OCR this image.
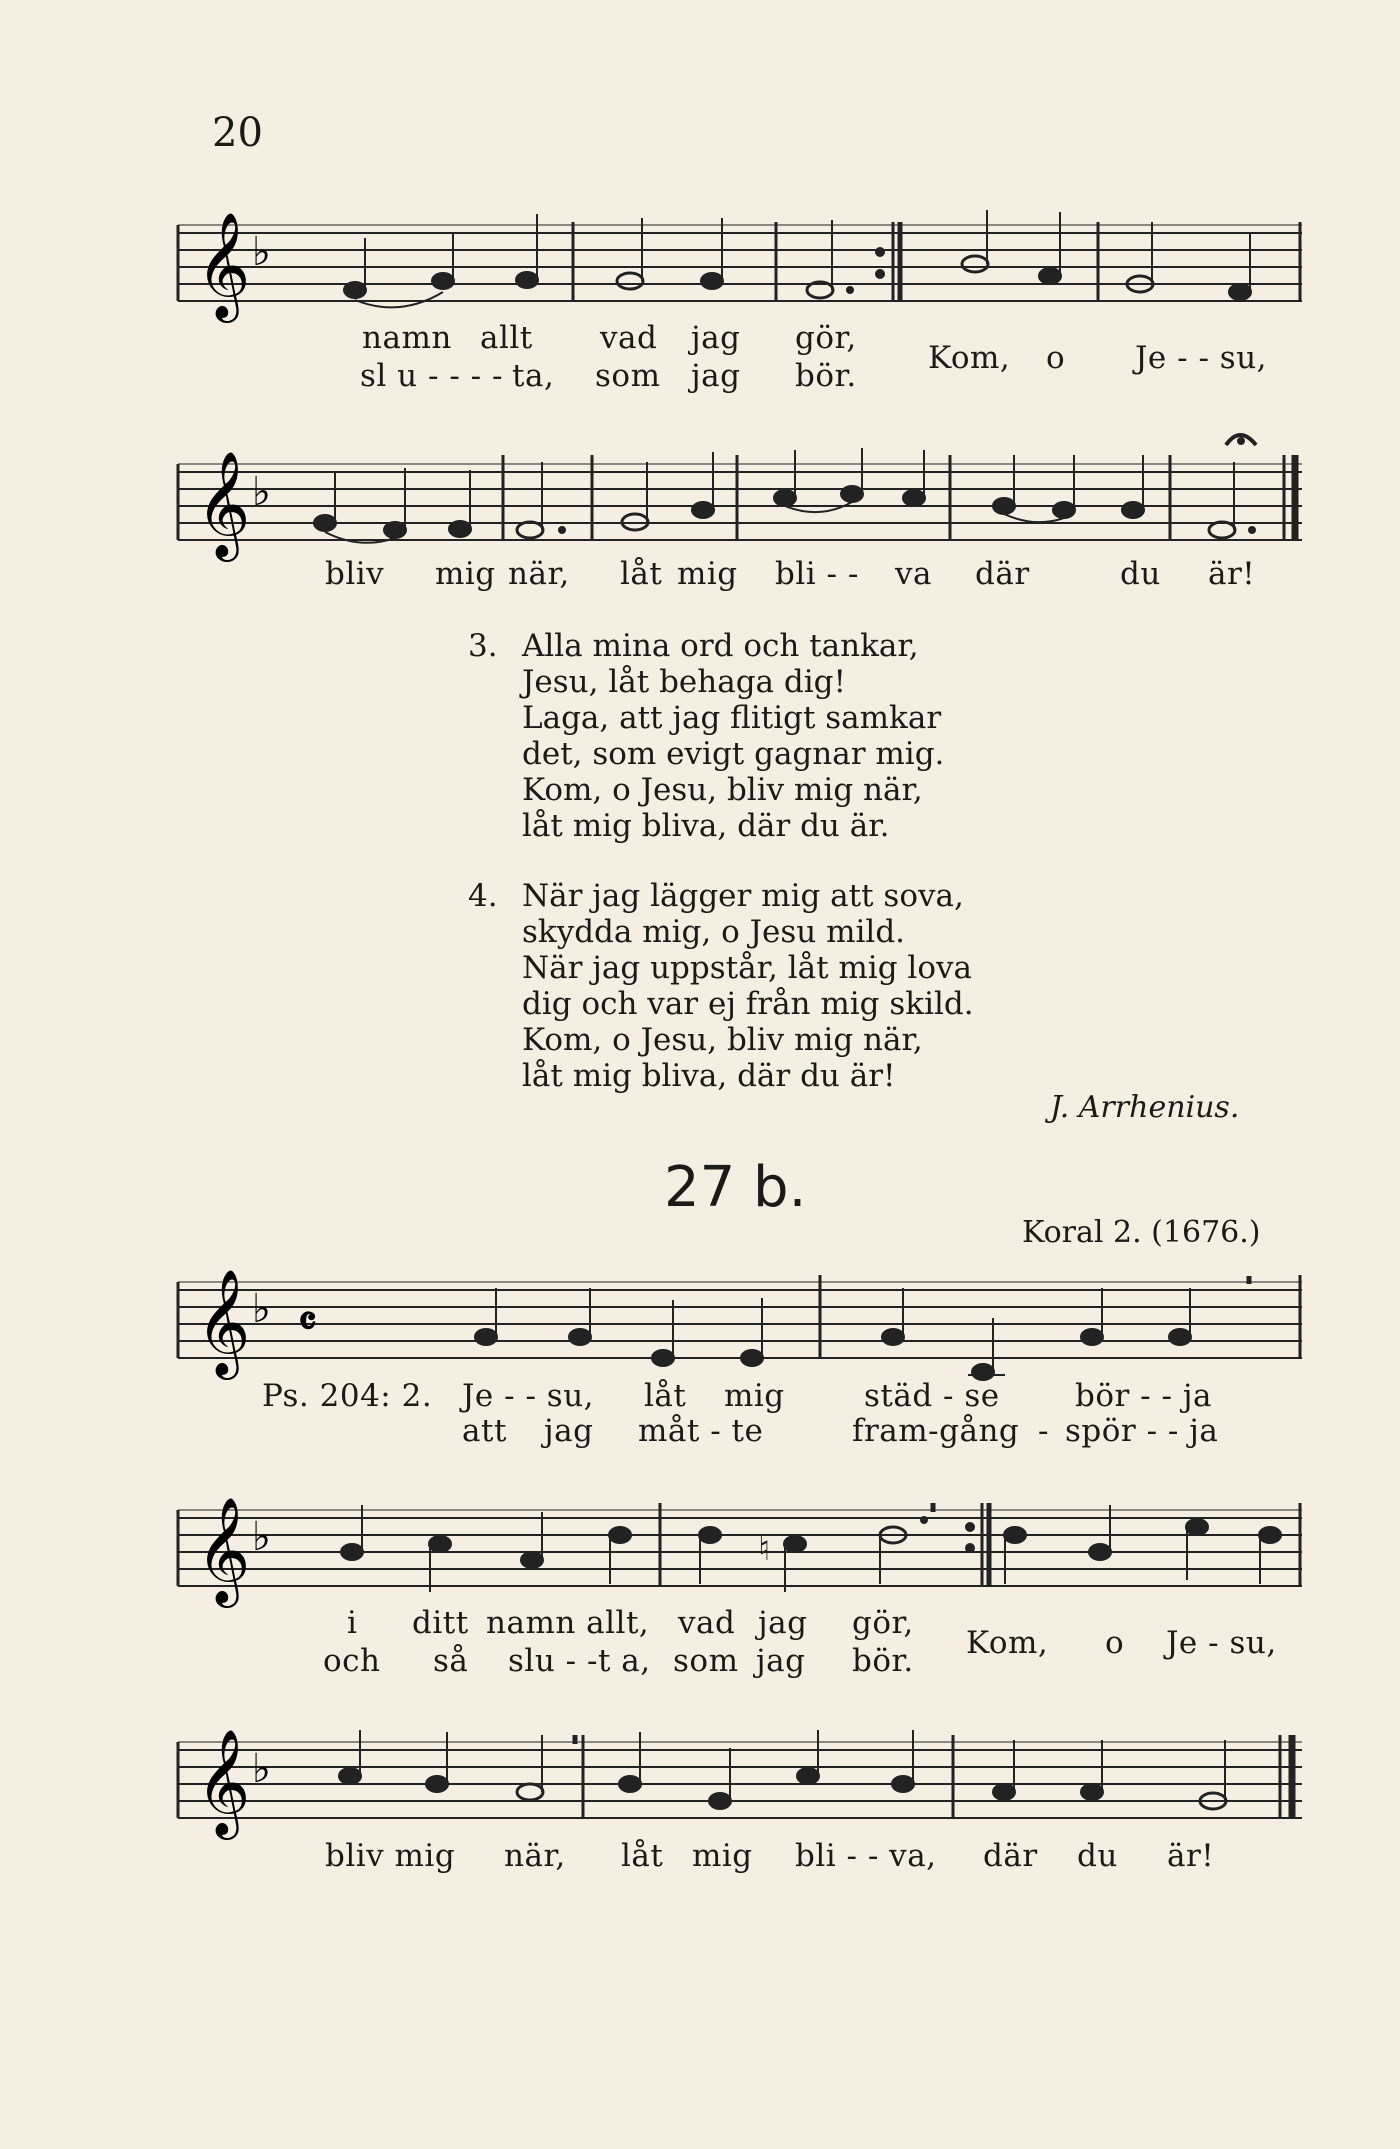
20
𝄞 ♭
namn allt vad jag gör,
sl u - - - - ta, som jag bör. Kom, o Je - - su,
𝄞 ♭
bliv mig när, låt mig bli - - va där	du är!
3. Alla mina ord och tankar,
Jesu, låt behaga dig!
Laga, att jag flitigt samkar
det, som evigt gagnar mig.
Kom, o Jesu, bliv mig när,
låt mig bliva, där du är.
4. När jag lägger mig att sova,
skydda mig, o Jesu mild.
När jag uppstår, låt mig lova
dig och var ej från mig skild.
Kom, o Jesu, bliv mig när,
låt mig bliva, där du är!
J. Arrhenius.
27 b.
Koral 2. (1676.)
𝄞 ♭ 𝄴
Ps. 204: 2. Je - - su, låt mig	städ - se bör - - ja
att jag måt - te	fram-gång - spör - - ja
𝄞 ♭	♮
i ditt namn allt, vad jag gör,
och så slu - -t a, som jag bör. Kom, o Je - su,
𝄞 ♭
bliv mig när, låt mig bli - - va, där du är!
